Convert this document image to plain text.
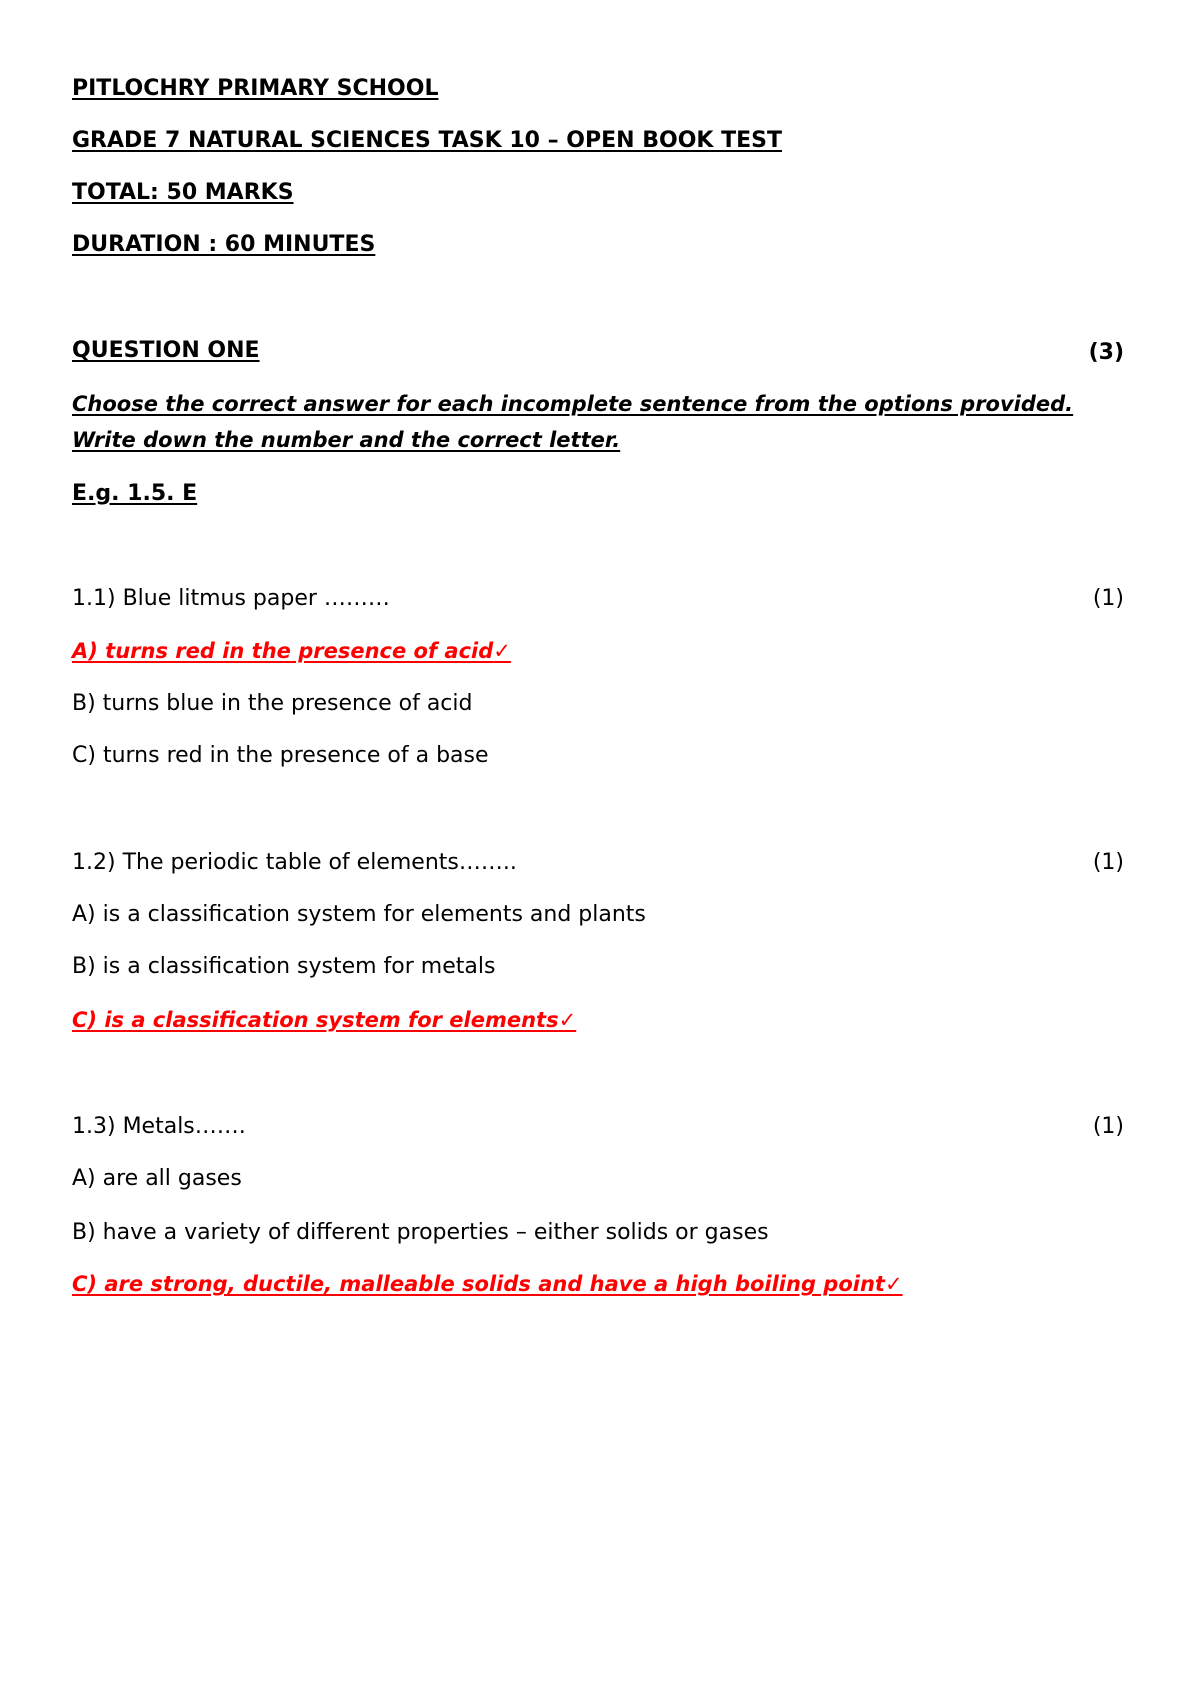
PITLOCHRY PRIMARY SCHOOL
GRADE 7 NATURAL SCIENCES TASK 10 – OPEN BOOK TEST
TOTAL: 50 MARKS
DURATION : 60 MINUTES
QUESTION ONE	(3)
Choose the correct answer for each incomplete sentence from the options provided.
Write down the number and the correct letter.
E.g. 1.5. E
1.1) Blue litmus paper ………	(1)
A) turns red in the presence of acid✓
B) turns blue in the presence of acid
C) turns red in the presence of a base
1.2) The periodic table of elements……..	(1)
A) is a classification system for elements and plants
B) is a classification system for metals
C) is a classification system for elements✓
1.3) Metals…….	(1)
A) are all gases
B) have a variety of different properties – either solids or gases
C) are strong, ductile, malleable solids and have a high boiling point✓
